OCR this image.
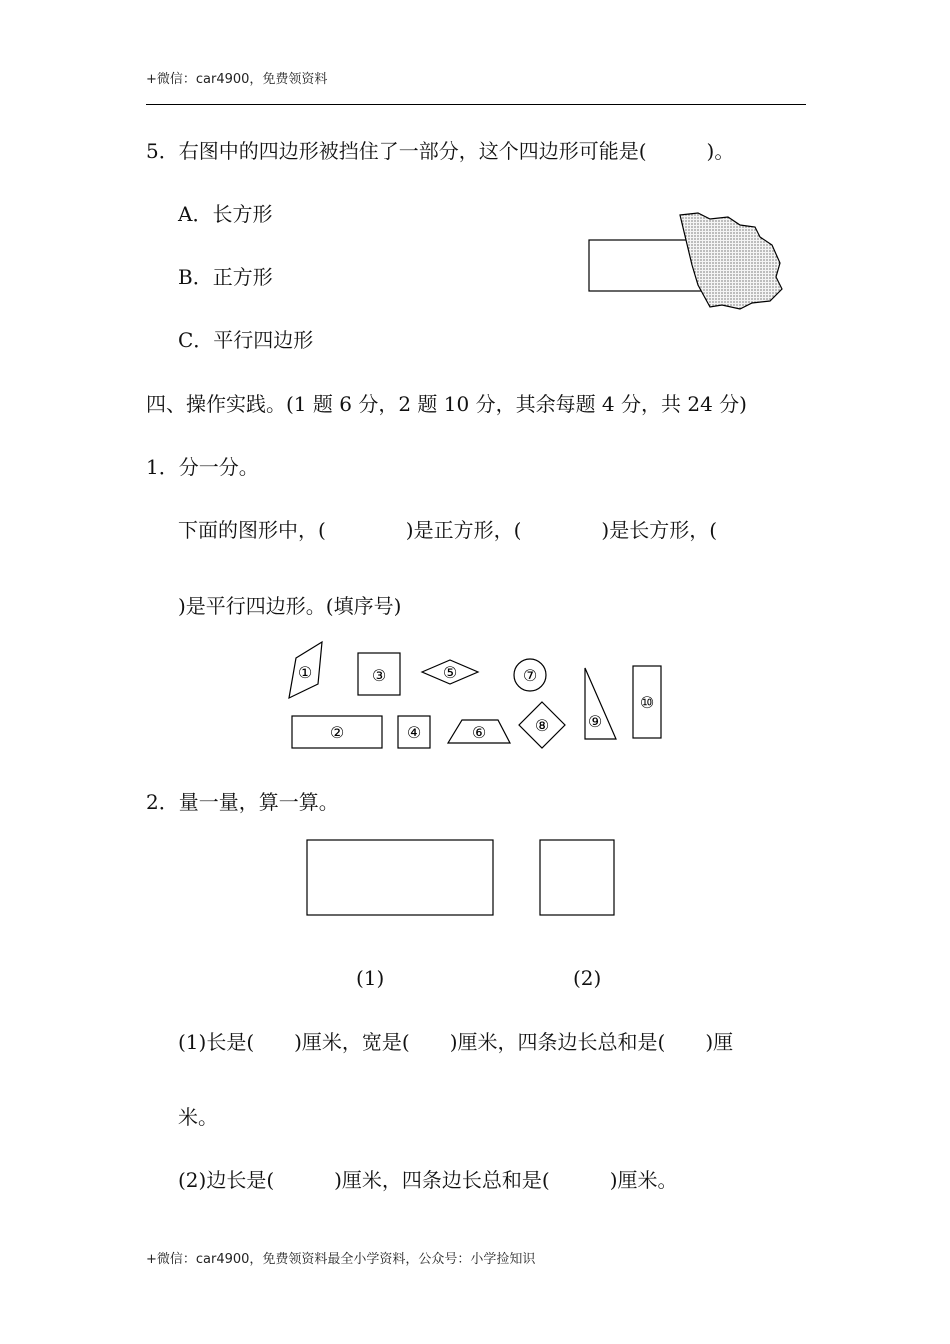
+微信：car4900，免费领资料
5．右图中的四边形被挡住了一部分，这个四边形可能是(　　　)。
A．长方形
B．正方形
C．平行四边形
四、操作实践。(1 题 6 分，2 题 10 分，其余每题 4 分，共 24 分)
1．分一分。
下面的图形中，(　　　　)是正方形，(　　　　)是长方形，(
)是平行四边形。(填序号)
①
②
③
④
⑤
⑥
⑦
⑧ ⑨
⑩
2．量一量，算一算。
(1)	(2)
(1)长是(　　)厘米，宽是(　　)厘米，四条边长总和是(　　)厘
米。
(2)边长是(　　　)厘米，四条边长总和是(　　　)厘米。
+微信：car4900，免费领资料最全小学资料，公众号：小学捡知识
